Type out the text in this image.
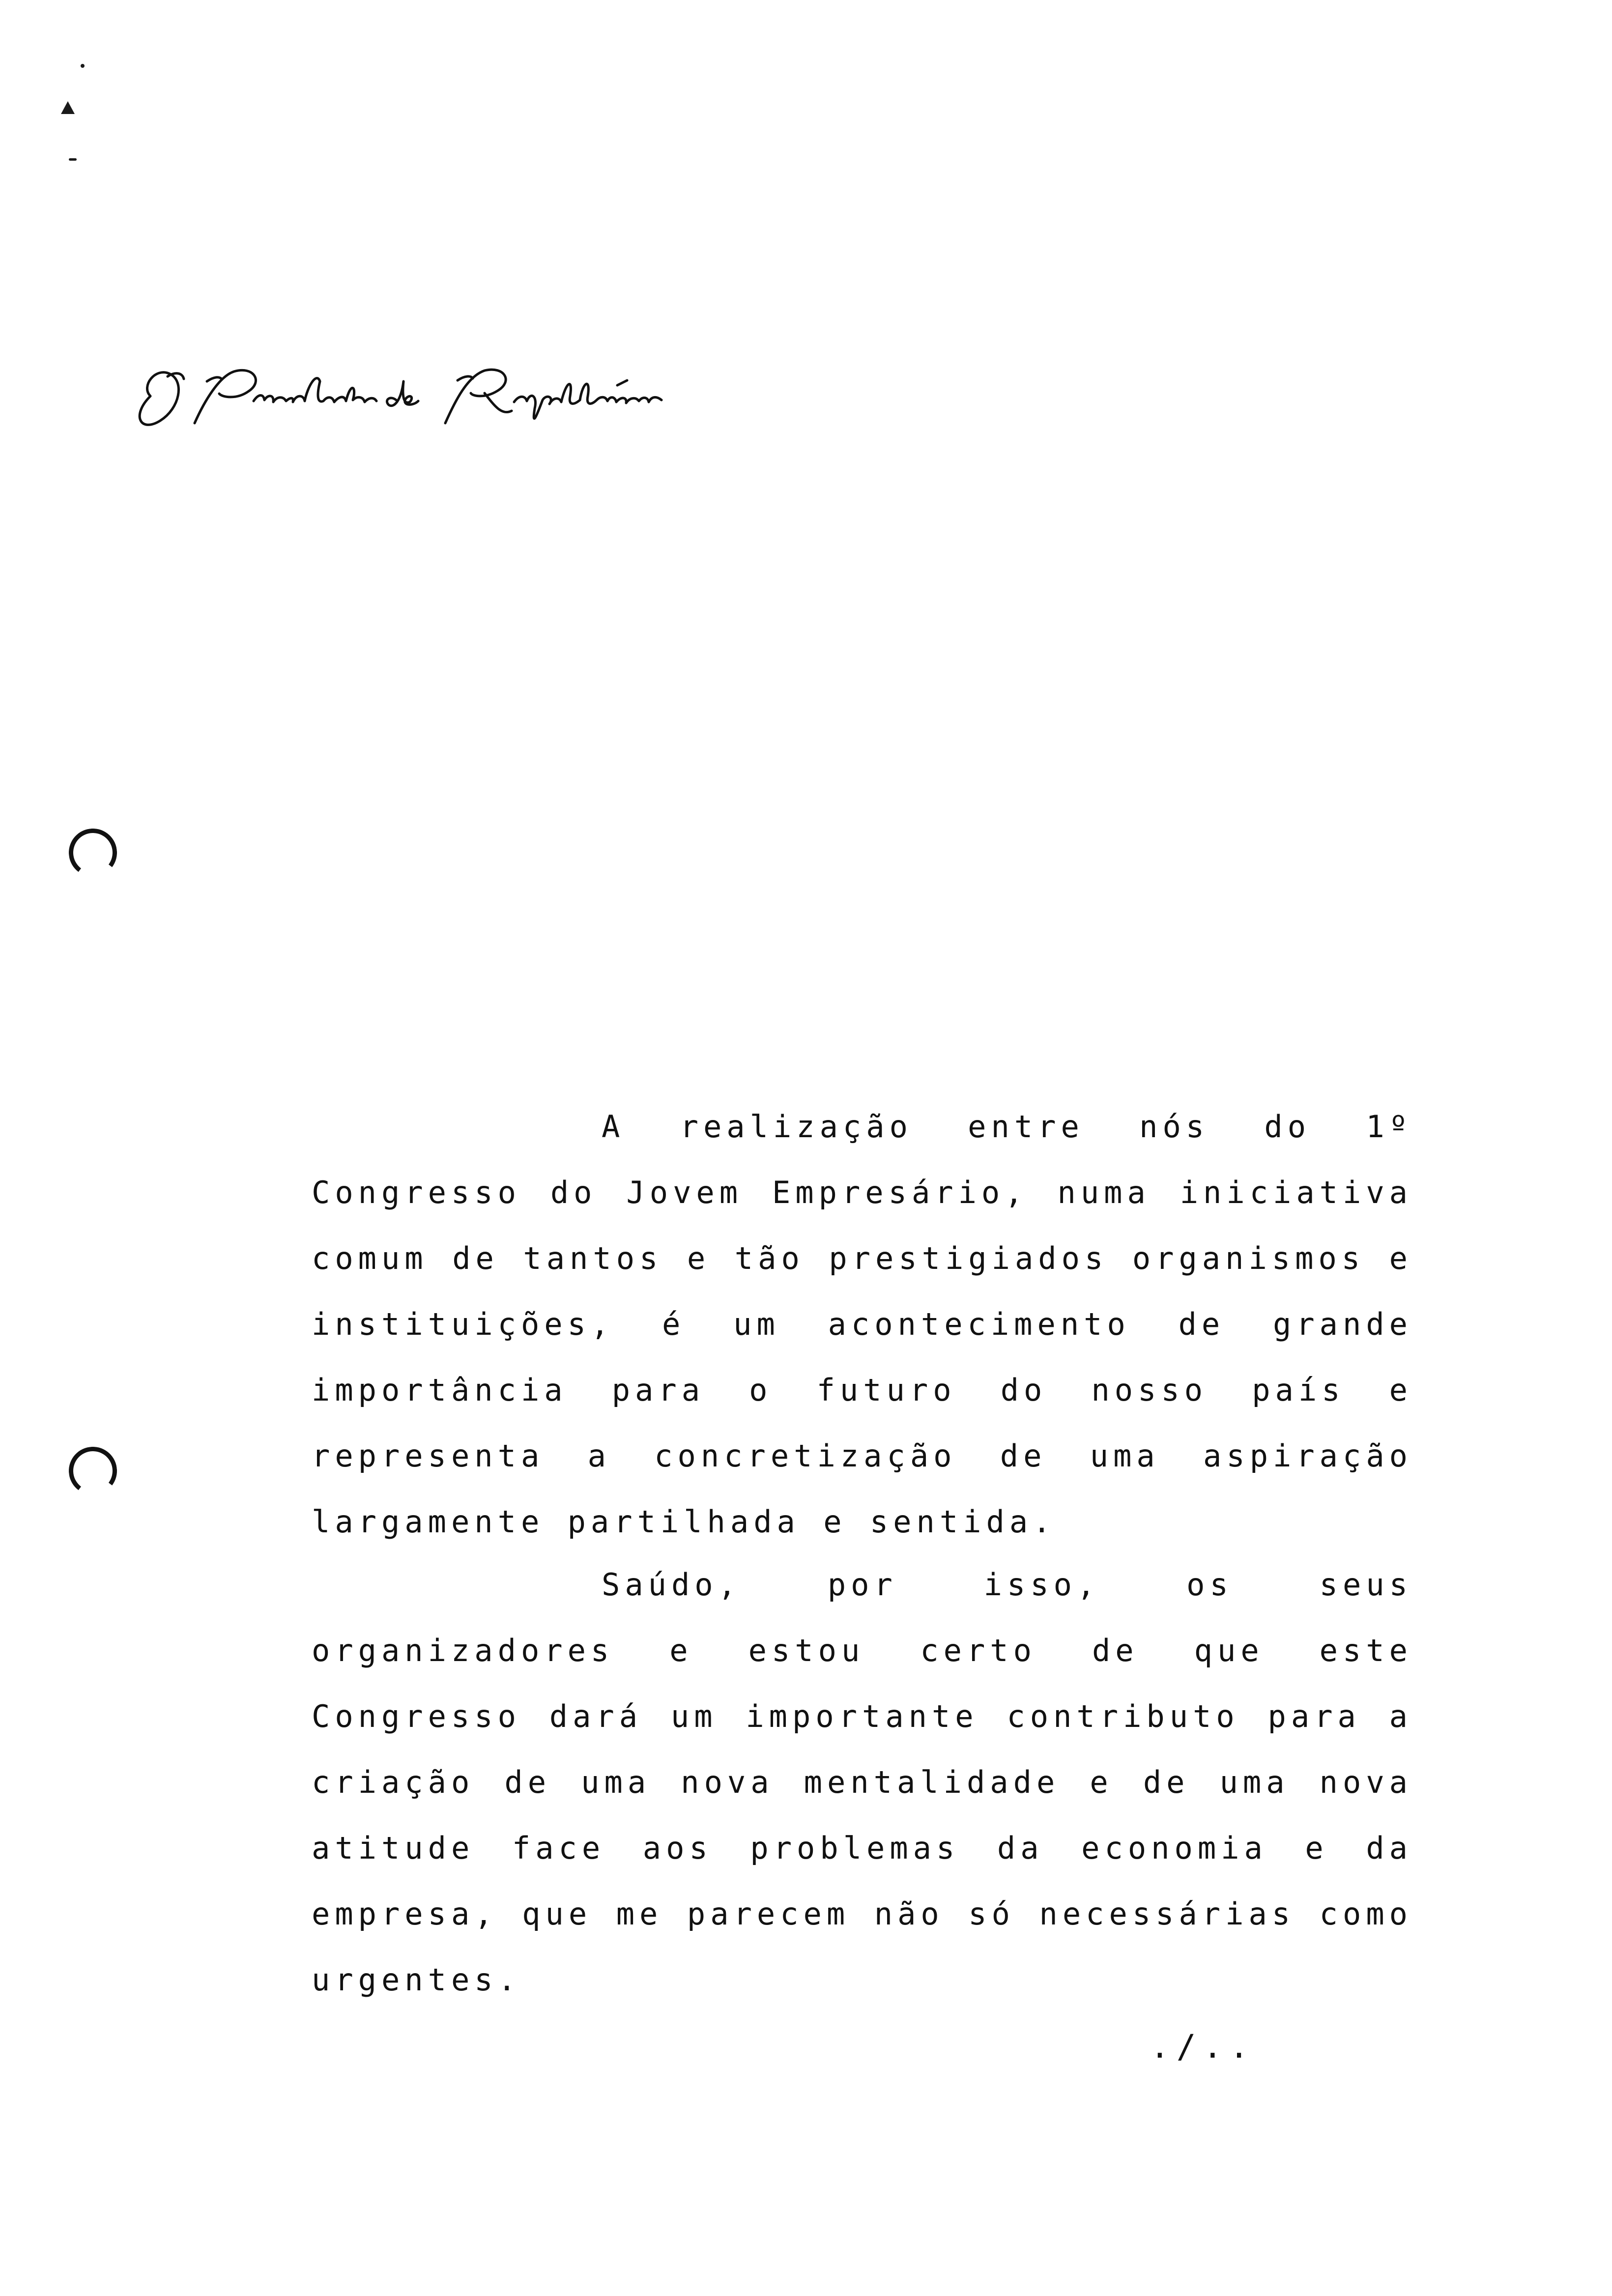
A realização entre nós do 1º Congresso do Jovem Empresário, numa iniciativa comum de tantos e tão prestigiados organismos e instituições, é um acontecimento de grande importância para o futuro do nosso país e representa a concretização de uma aspiração largamente partilhada e sentida.
Saúdo, por isso, os seus organizadores e estou certo de que este Congresso dará um importante contributo para a criação de uma nova mentalidade e de uma nova atitude face aos problemas da economia e da empresa, que me parecem não só necessárias como urgentes.
./..
